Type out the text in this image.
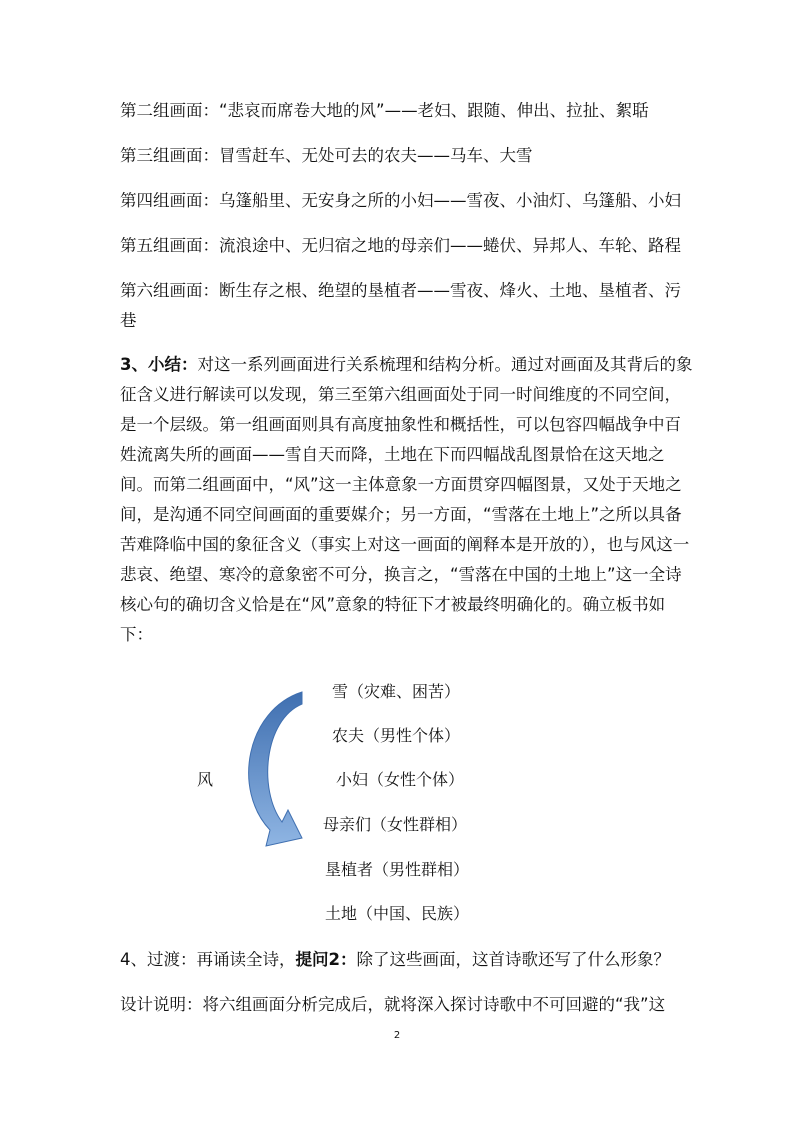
第二组画面：“悲哀而席卷大地的风”——老妇、跟随、伸出、拉扯、絮聒
第三组画面：冒雪赶车、无处可去的农夫——马车、大雪
第四组画面：乌篷船里、无安身之所的小妇——雪夜、小油灯、乌篷船、小妇
第五组画面：流浪途中、无归宿之地的母亲们——蜷伏、异邦人、车轮、路程
第六组画面：断生存之根、绝望的垦植者——雪夜、烽火、土地、垦植者、污
巷
3、小结：对这一系列画面进行关系梳理和结构分析。通过对画面及其背后的象
征含义进行解读可以发现，第三至第六组画面处于同一时间维度的不同空间，
是一个层级。第一组画面则具有高度抽象性和概括性，可以包容四幅战争中百
姓流离失所的画面——雪自天而降，土地在下而四幅战乱图景恰在这天地之
间。而第二组画面中，“风”这一主体意象一方面贯穿四幅图景，又处于天地之
间，是沟通不同空间画面的重要媒介；另一方面，“雪落在土地上”之所以具备
苦难降临中国的象征含义（事实上对这一画面的阐释本是开放的），也与风这一
悲哀、绝望、寒冷的意象密不可分，换言之，“雪落在中国的土地上”这一全诗
核心句的确切含义恰是在“风”意象的特征下才被最终明确化的。确立板书如
下：
风
雪（灾难、困苦）
农夫（男性个体）
小妇（女性个体）
母亲们（女性群相）
垦植者（男性群相）
土地（中国、民族）
4、过渡：再诵读全诗，提问2：除了这些画面，这首诗歌还写了什么形象？
设计说明：将六组画面分析完成后，就将深入探讨诗歌中不可回避的“我”这
2
